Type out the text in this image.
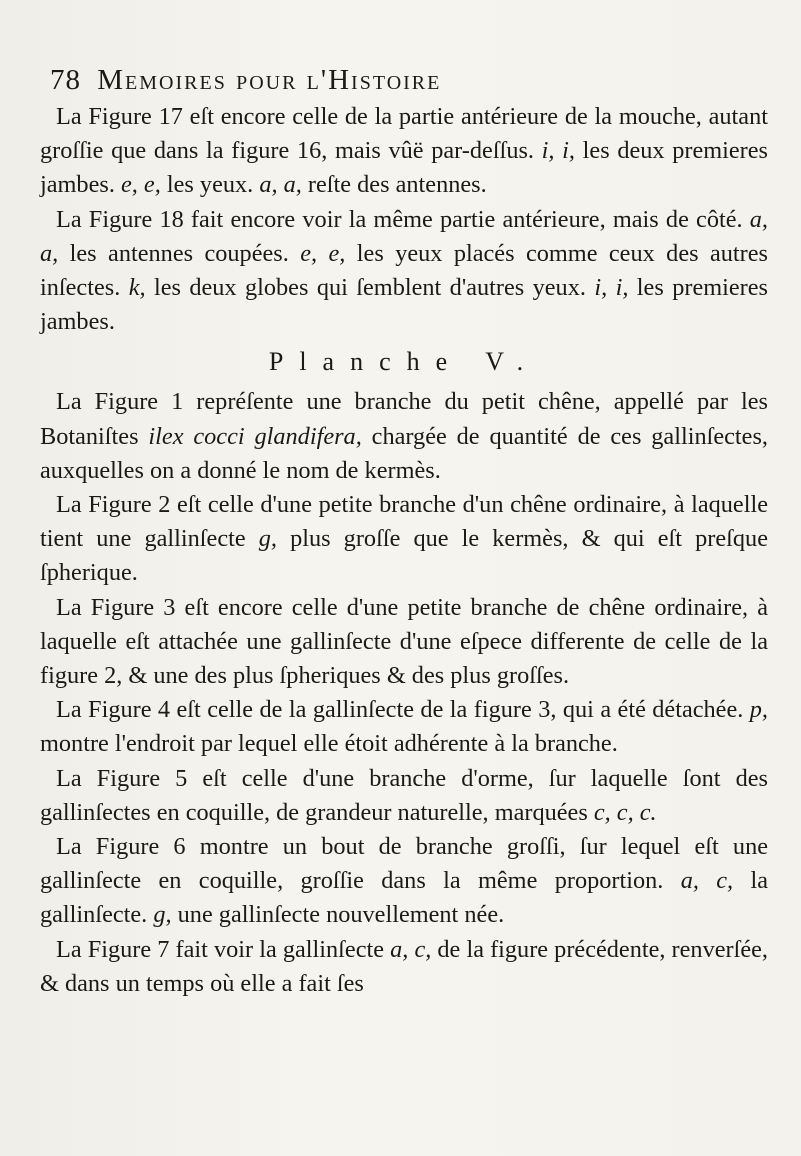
78 Memoires pour l'Histoire

La Figure 17 eſt encore celle de la partie antérieure de la mouche, autant groſſie que dans la figure 16, mais vûë par-deſſus. i, i, les deux premieres jambes. e, e, les yeux. a, a, reſte des antennes.

La Figure 18 fait encore voir la même partie antérieure, mais de côté. a, a, les antennes coupées. e, e, les yeux placés comme ceux des autres inſectes. k, les deux globes qui ſemblent d'autres yeux. i, i, les premieres jambes.

Planche V.

La Figure 1 repréſente une branche du petit chêne, appellé par les Botaniſtes ilex cocci glandifera, chargée de quantité de ces gallinſectes, auxquelles on a donné le nom de kermès.

La Figure 2 eſt celle d'une petite branche d'un chêne ordinaire, à laquelle tient une gallinſecte g, plus groſſe que le kermès, & qui eſt preſque ſpherique.

La Figure 3 eſt encore celle d'une petite branche de chêne ordinaire, à laquelle eſt attachée une gallinſecte d'une eſpece differente de celle de la figure 2, & une des plus ſpheriques & des plus groſſes.

La Figure 4 eſt celle de la gallinſecte de la figure 3, qui a été détachée. p, montre l'endroit par lequel elle étoit adhérente à la branche.

La Figure 5 eſt celle d'une branche d'orme, ſur laquelle ſont des gallinſectes en coquille, de grandeur naturelle, marquées c, c, c.

La Figure 6 montre un bout de branche groſſi, ſur lequel eſt une gallinſecte en coquille, groſſie dans la même proportion. a, c, la gallinſecte. g, une gallinſecte nouvellement née.

La Figure 7 fait voir la gallinſecte a, c, de la figure précédente, renverſée, & dans un temps où elle a fait ſes
